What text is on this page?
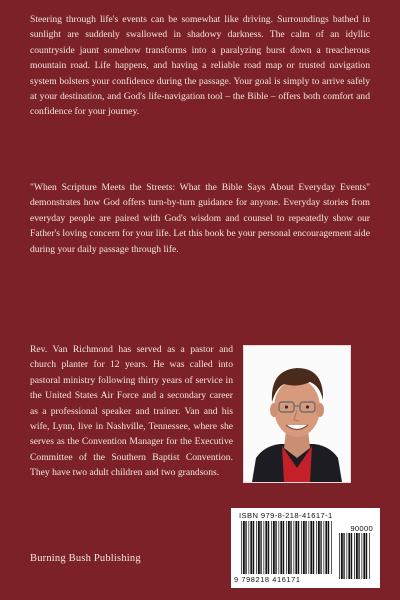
Steering through life's events can be somewhat like driving. Surroundings bathed in sunlight are suddenly swallowed in shadowy darkness. The calm of an idyllic countryside jaunt somehow transforms into a paralyzing burst down a treacherous mountain road. Life happens, and having a reliable road map or trusted navigation system bolsters your confidence during the passage. Your goal is simply to arrive safely at your destination, and God's life-navigation tool – the Bible – offers both comfort and confidence for your journey.

"When Scripture Meets the Streets: What the Bible Says About Everyday Events" demonstrates how God offers turn-by-turn guidance for anyone. Everyday stories from everyday people are paired with God's wisdom and counsel to repeatedly show our Father's loving concern for your life. Let this book be your personal encouragement aide during your daily passage through life.

Rev. Van Richmond has served as a pastor and church planter for 12 years. He was called into pastoral ministry following thirty years of service in the United States Air Force and a secondary career as a professional speaker and trainer. Van and his wife, Lynn, live in Nashville, Tennessee, where she serves as the Convention Manager for the Executive Committee of the Southern Baptist Convention. They have two adult children and two grandsons.

ISBN 979-8-218-41617-1
90000
9 798218 416171

Burning Bush Publishing
